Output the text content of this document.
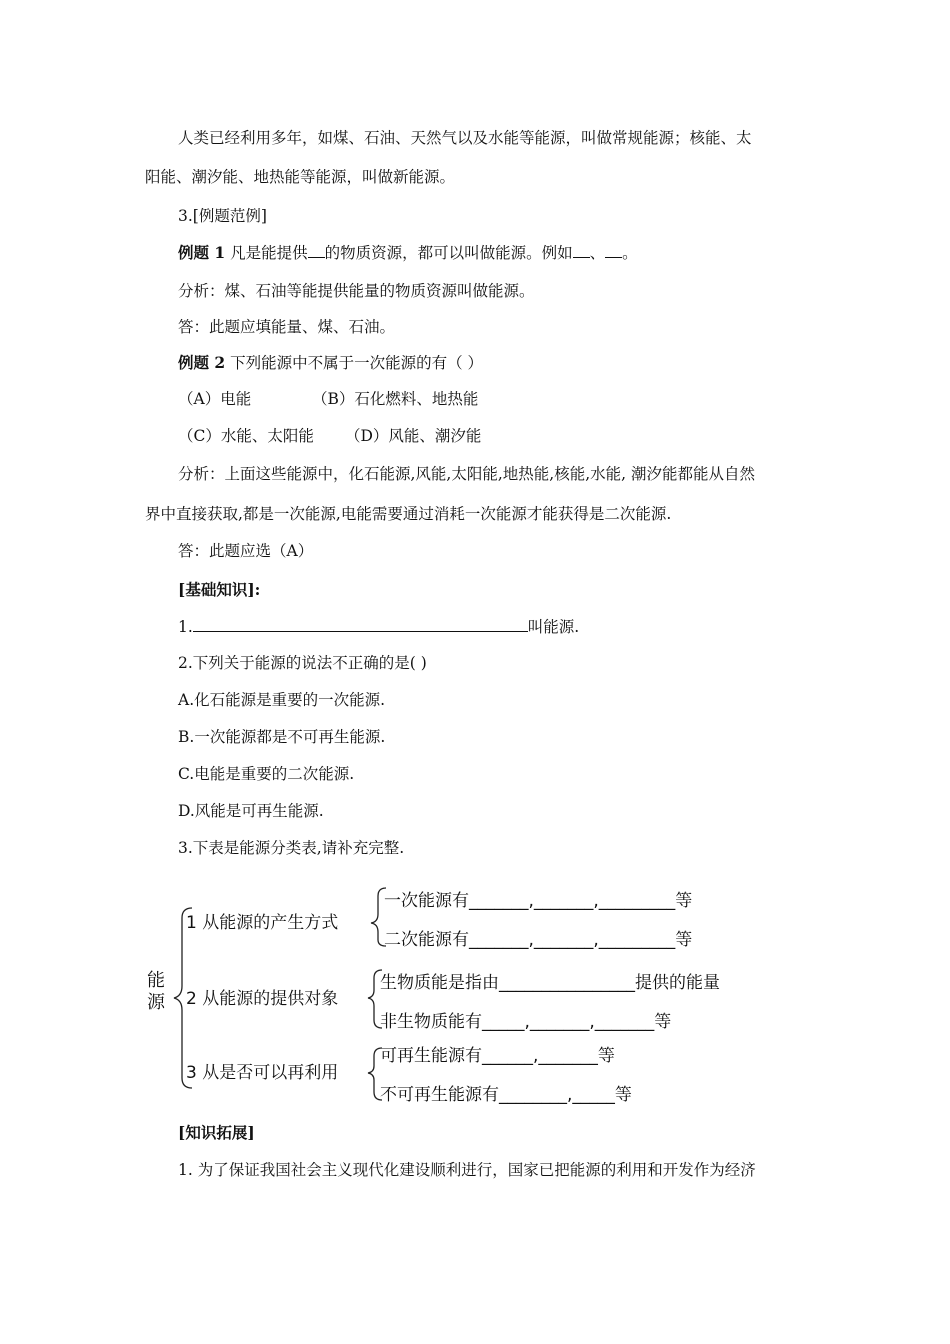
人类已经利用多年，如煤、石油、天然气以及水能等能源，叫做常规能源；核能、太
阳能、潮汐能、地热能等能源，叫做新能源。
3.[例题范例]
例题 1 凡是能提供 的物质资源，都可以叫做能源。例如 、 。
分析：煤、石油等能提供能量的物质资源叫做能源。
答：此题应填能量、煤、石油。
例题 2 下列能源中不属于一次能源的有（ ）
（A）电能	（B）石化燃料、地热能
（C）水能、太阳能 （D）风能、潮汐能
分析：上面这些能源中，化石能源,风能,太阳能,地热能,核能,水能, 潮汐能都能从自然
界中直接获取,都是一次能源,电能需要通过消耗一次能源才能获得是二次能源.
答：此题应选（A）
[基础知识]:
1.	叫能源.
2.下列关于能源的说法不正确的是( )
A.化石能源是重要的一次能源.
B.一次能源都是不可再生能源.
C.电能是重要的二次能源.
D.风能是可再生能源.
3.下表是能源分类表,请补充完整.
能
源
1 从能源的产生方式
一次能源有_______,_______,_________等
二次能源有_______,_______,_________等
2 从能源的提供对象
生物质能是指由________________提供的能量
非生物质能有_____,_______,_______等
3 从是否可以再利用
可再生能源有______,_______等
不可再生能源有________,_____等
[知识拓展]
1. 为了保证我国社会主义现代化建设顺利进行，国家已把能源的利用和开发作为经济
